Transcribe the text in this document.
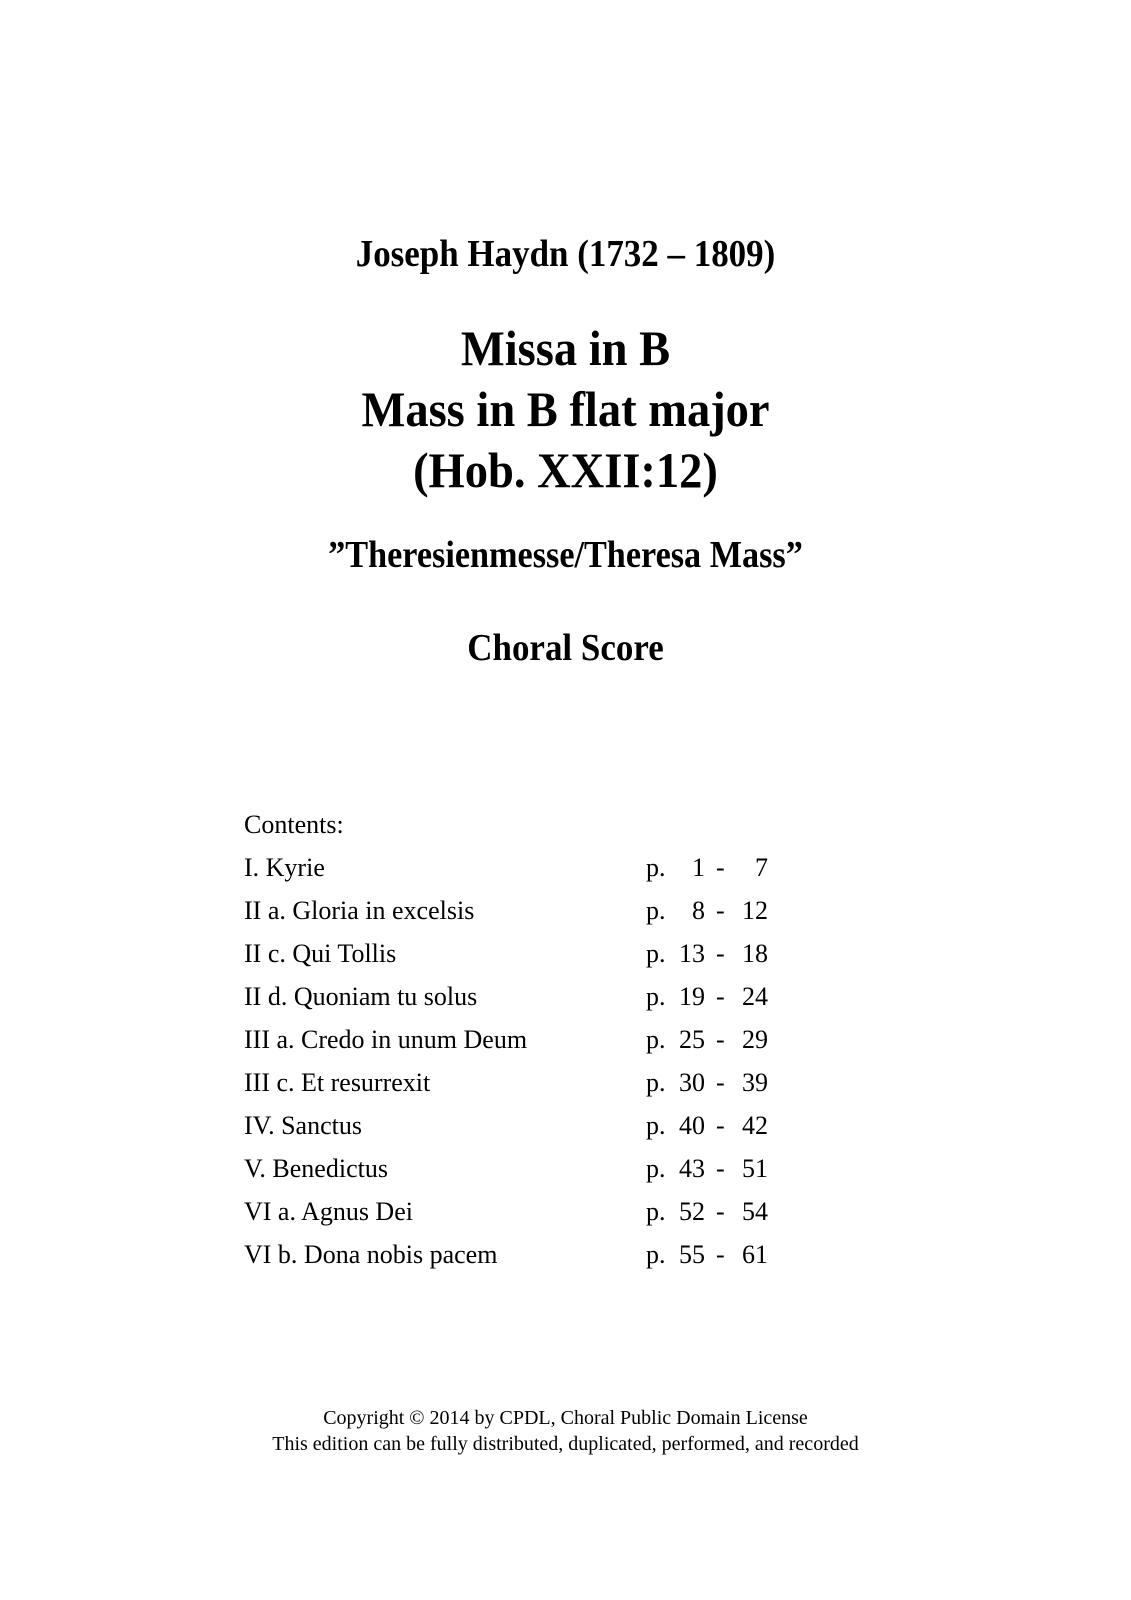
Joseph Haydn (1732 – 1809)
Missa in B
Mass in B flat major
(Hob. XXII:12)
”Theresienmesse/Theresa Mass”
Choral Score
Contents:
I. Kyrie	p.	1 -	7
II a. Gloria in excelsis	p.	8 - 12
II c. Qui Tollis	p. 13 - 18
II d. Quoniam tu solus	p. 19 - 24
III a. Credo in unum Deum	p. 25 - 29
III c. Et resurrexit	p. 30 - 39
IV. Sanctus	p. 40 - 42
V. Benedictus	p. 43 - 51
VI a. Agnus Dei	p. 52 - 54
VI b. Dona nobis pacem	p. 55 - 61
Copyright © 2014 by CPDL, Choral Public Domain License
This edition can be fully distributed, duplicated, performed, and recorded
